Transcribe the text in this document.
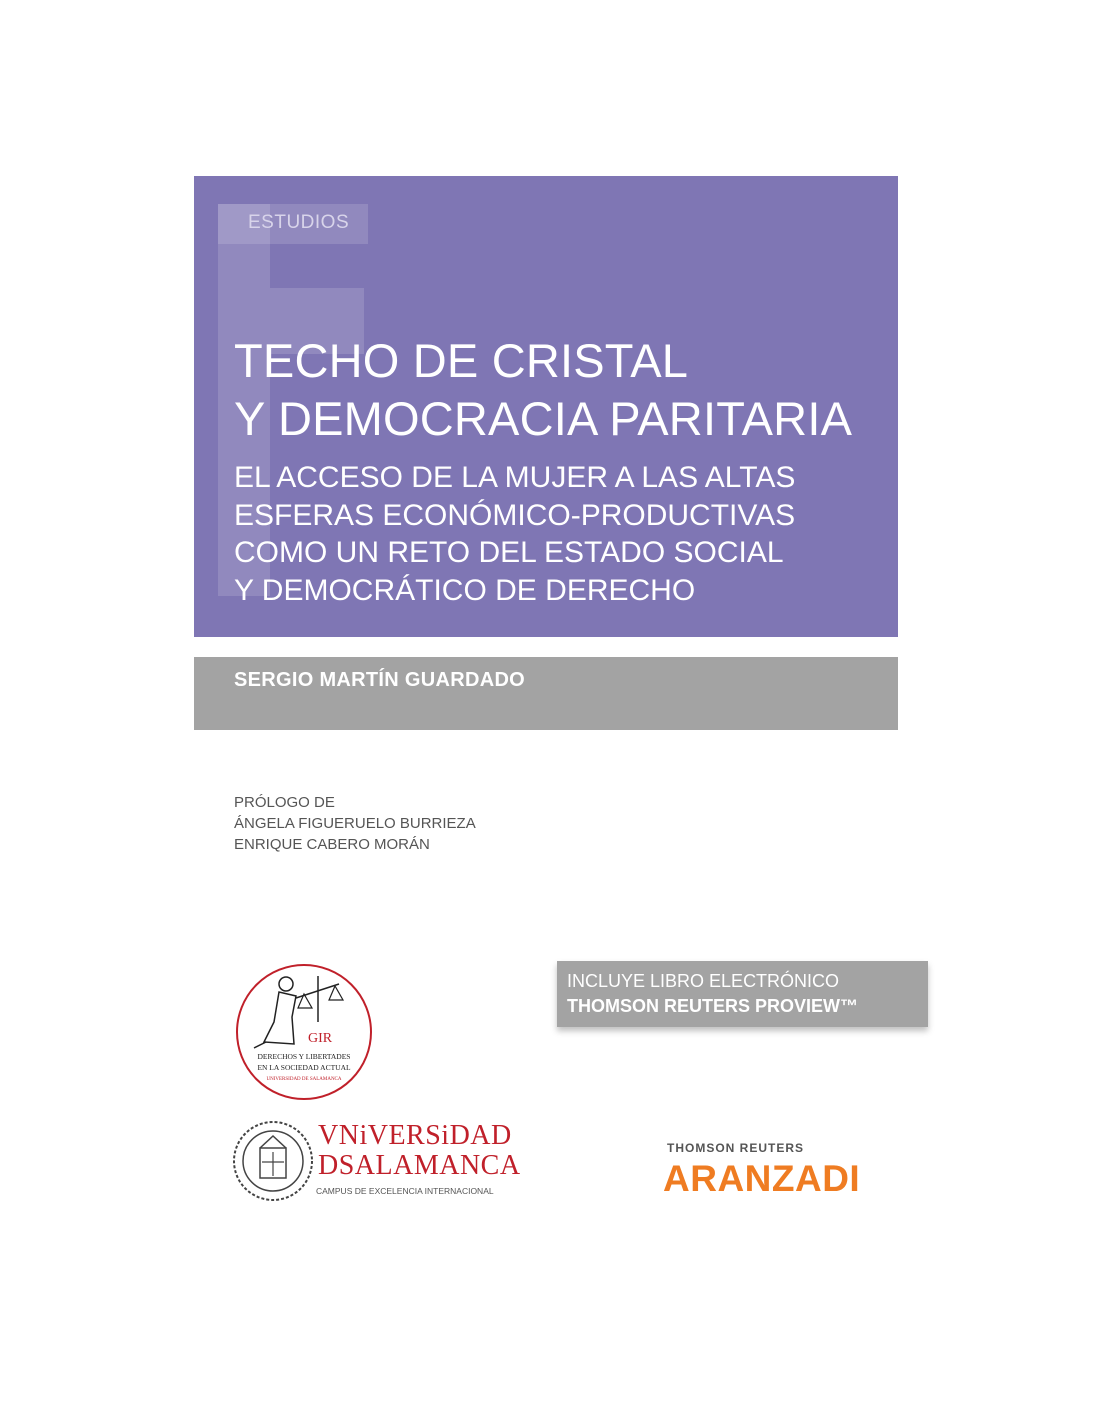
ESTUDIOS
TECHO DE CRISTAL
Y DEMOCRACIA PARITARIA
EL ACCESO DE LA MUJER A LAS ALTAS
ESFERAS ECONÓMICO-PRODUCTIVAS
COMO UN RETO DEL ESTADO SOCIAL
Y DEMOCRÁTICO DE DERECHO
SERGIO MARTÍN GUARDADO
PRÓLOGO DE
ÁNGELA FIGUERUELO BURRIEZA
ENRIQUE CABERO MORÁN
INCLUYE LIBRO ELECTRÓNICO
THOMSON REUTERS PROVIEW™
GIR
DERECHOS Y LIBERTADES
EN LA SOCIEDAD ACTUAL
UNIVERSIDAD DE SALAMANCA
VNiVERSiDAD
DSALAMANCA
CAMPUS DE EXCELENCIA INTERNACIONAL
THOMSON REUTERS
ARANZADI
